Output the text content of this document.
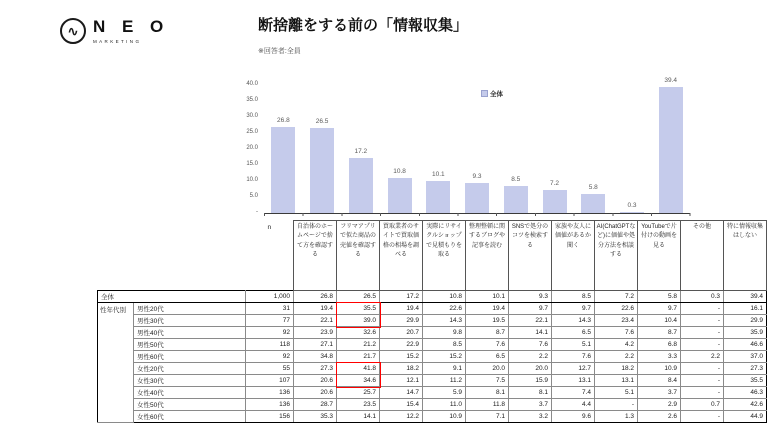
∿ N E O
MARKETING
断捨離をする前の「情報収集」
※回答者:全員
40.0
35.0
30.0
25.0
20.0
15.0
10.0
5.0
-
26.8	26.5
17.2
10.8	10.1	9.3	8.5
7.2
5.8
0.3
39.4
全体
		n	自治体のホームページで捨て方を確認する	フリマアプリで似た商品の売値を確認する	買取業者のサイトで買取価格の相場を調べる	実際にリサイクルショップで見積もりを取る	整理整頓に関するブログや記事を読む	SNSで処分のコツを検索する	家族や友人に価値があるか聞く	AI(ChatGPTなど)に価値や処分方法を相談する	YouTubeで片付けの動画を見る	その他	特に情報収集はしない
全体		1,000	26.8	26.5	17.2	10.8	10.1	9.3	8.5	7.2	5.8	0.3	39.4
性年代別	男性20代	31	19.4	35.5	19.4	22.6	19.4	9.7	9.7	22.6	9.7	-	16.1
	男性30代	77	22.1	39.0	29.9	14.3	19.5	22.1	14.3	23.4	10.4	-	29.9
	男性40代	92	23.9	32.6	20.7	9.8	8.7	14.1	6.5	7.6	8.7	-	35.9
	男性50代	118	27.1	21.2	22.9	8.5	7.6	7.6	5.1	4.2	6.8	-	46.6
	男性60代	92	34.8	21.7	15.2	15.2	6.5	2.2	7.6	2.2	3.3	2.2	37.0
	女性20代	55	27.3	41.8	18.2	9.1	20.0	20.0	12.7	18.2	10.9	-	27.3
	女性30代	107	20.6	34.6	12.1	11.2	7.5	15.9	13.1	13.1	8.4	-	35.5
	女性40代	136	20.6	25.7	14.7	5.9	8.1	8.1	7.4	5.1	3.7	-	46.3
	女性50代	136	28.7	23.5	15.4	11.0	11.8	3.7	4.4	-	2.9	0.7	42.6
	女性60代	156	35.3	14.1	12.2	10.9	7.1	3.2	9.6	1.3	2.6	-	44.9
